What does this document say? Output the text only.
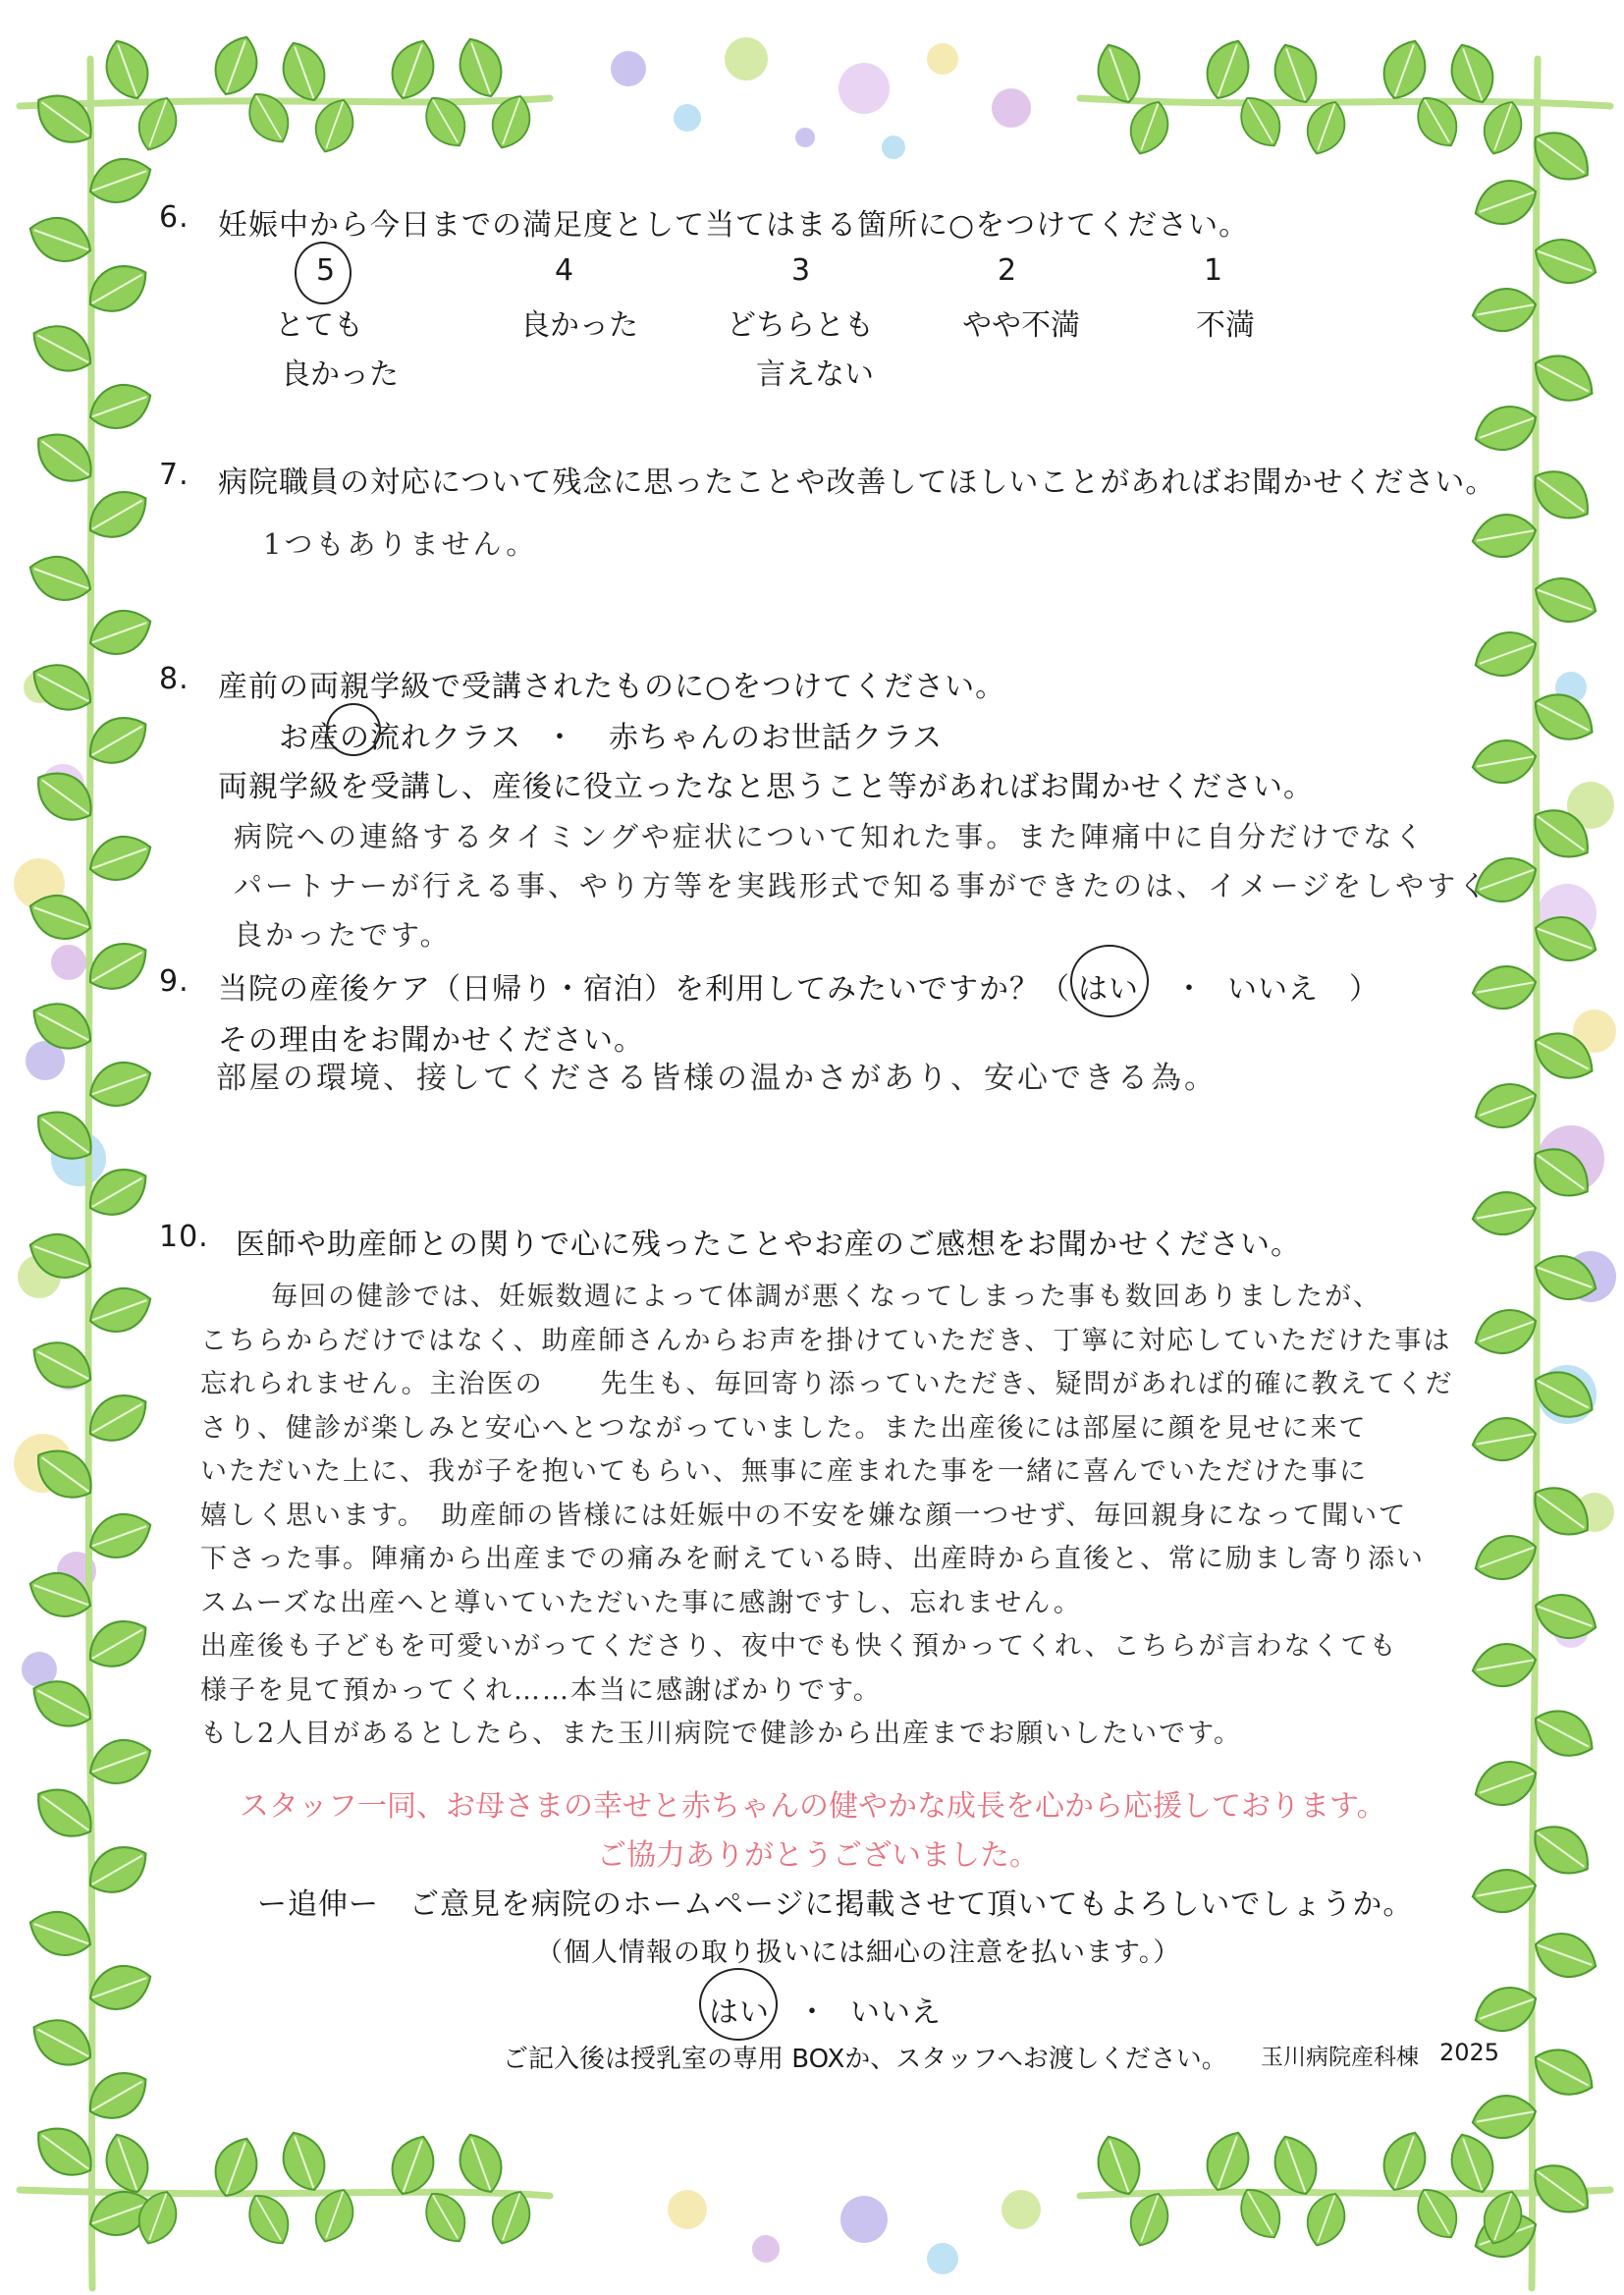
6. 妊娠中から今日までの満足度として当てはまる箇所に○をつけてください。
5
とても
良かった
4
良かった
3
どちらとも
言えない
2
やや不満
1
不満
7. 病院職員の対応について残念に思ったことや改善してほしいことがあればお聞かせください。
1つもありません。
8. 産前の両親学級で受講されたものに○をつけてください。
お産の流れクラス ・ 赤ちゃんのお世話クラス
両親学級を受講し、産後に役立ったなと思うこと等があればお聞かせください。
病院への連絡するタイミングや症状について知れた事。また陣痛中に自分だけでなく
パートナーが行える事、やり方等を実践形式で知る事ができたのは、イメージをしやすく
良かったです。
9. 当院の産後ケア（日帰り・宿泊）を利用してみたいですか？（ はい ・ いいえ　）
その理由をお聞かせください。
部屋の環境、接してくださる皆様の温かさがあり、安心できる為。
10. 医師や助産師との関りで心に残ったことやお産のご感想をお聞かせください。
毎回の健診では、妊娠数週によって体調が悪くなってしまった事も数回ありましたが、
こちらからだけではなく、助産師さんからお声を掛けていただき、丁寧に対応していただけた事は
忘れられません。主治医の　　先生も、毎回寄り添っていただき、疑問があれば的確に教えてくだ
さり、健診が楽しみと安心へとつながっていました。また出産後には部屋に顔を見せに来て
いただいた上に、我が子を抱いてもらい、無事に産まれた事を一緒に喜んでいただけた事に
嬉しく思います。　助産師の皆様には妊娠中の不安を嫌な顔一つせず、毎回親身になって聞いて
下さった事。陣痛から出産までの痛みを耐えている時、出産時から直後と、常に励まし寄り添い
スムーズな出産へと導いていただいた事に感謝ですし、忘れません。
出産後も子どもを可愛いがってくださり、夜中でも快く預かってくれ、こちらが言わなくても
様子を見て預かってくれ……本当に感謝ばかりです。
もし2人目があるとしたら、また玉川病院で健診から出産までお願いしたいです。
スタッフ一同、お母さまの幸せと赤ちゃんの健やかな成長を心から応援しております。
ご協力ありがとうございました。
ー追伸ー　ご意見を病院のホームページに掲載させて頂いてもよろしいでしょうか。
（個人情報の取り扱いには細心の注意を払います。）
はい ・ いいえ
ご記入後は授乳室の専用 BOXか、スタッフへお渡しください。 玉川病院産科棟 2025
